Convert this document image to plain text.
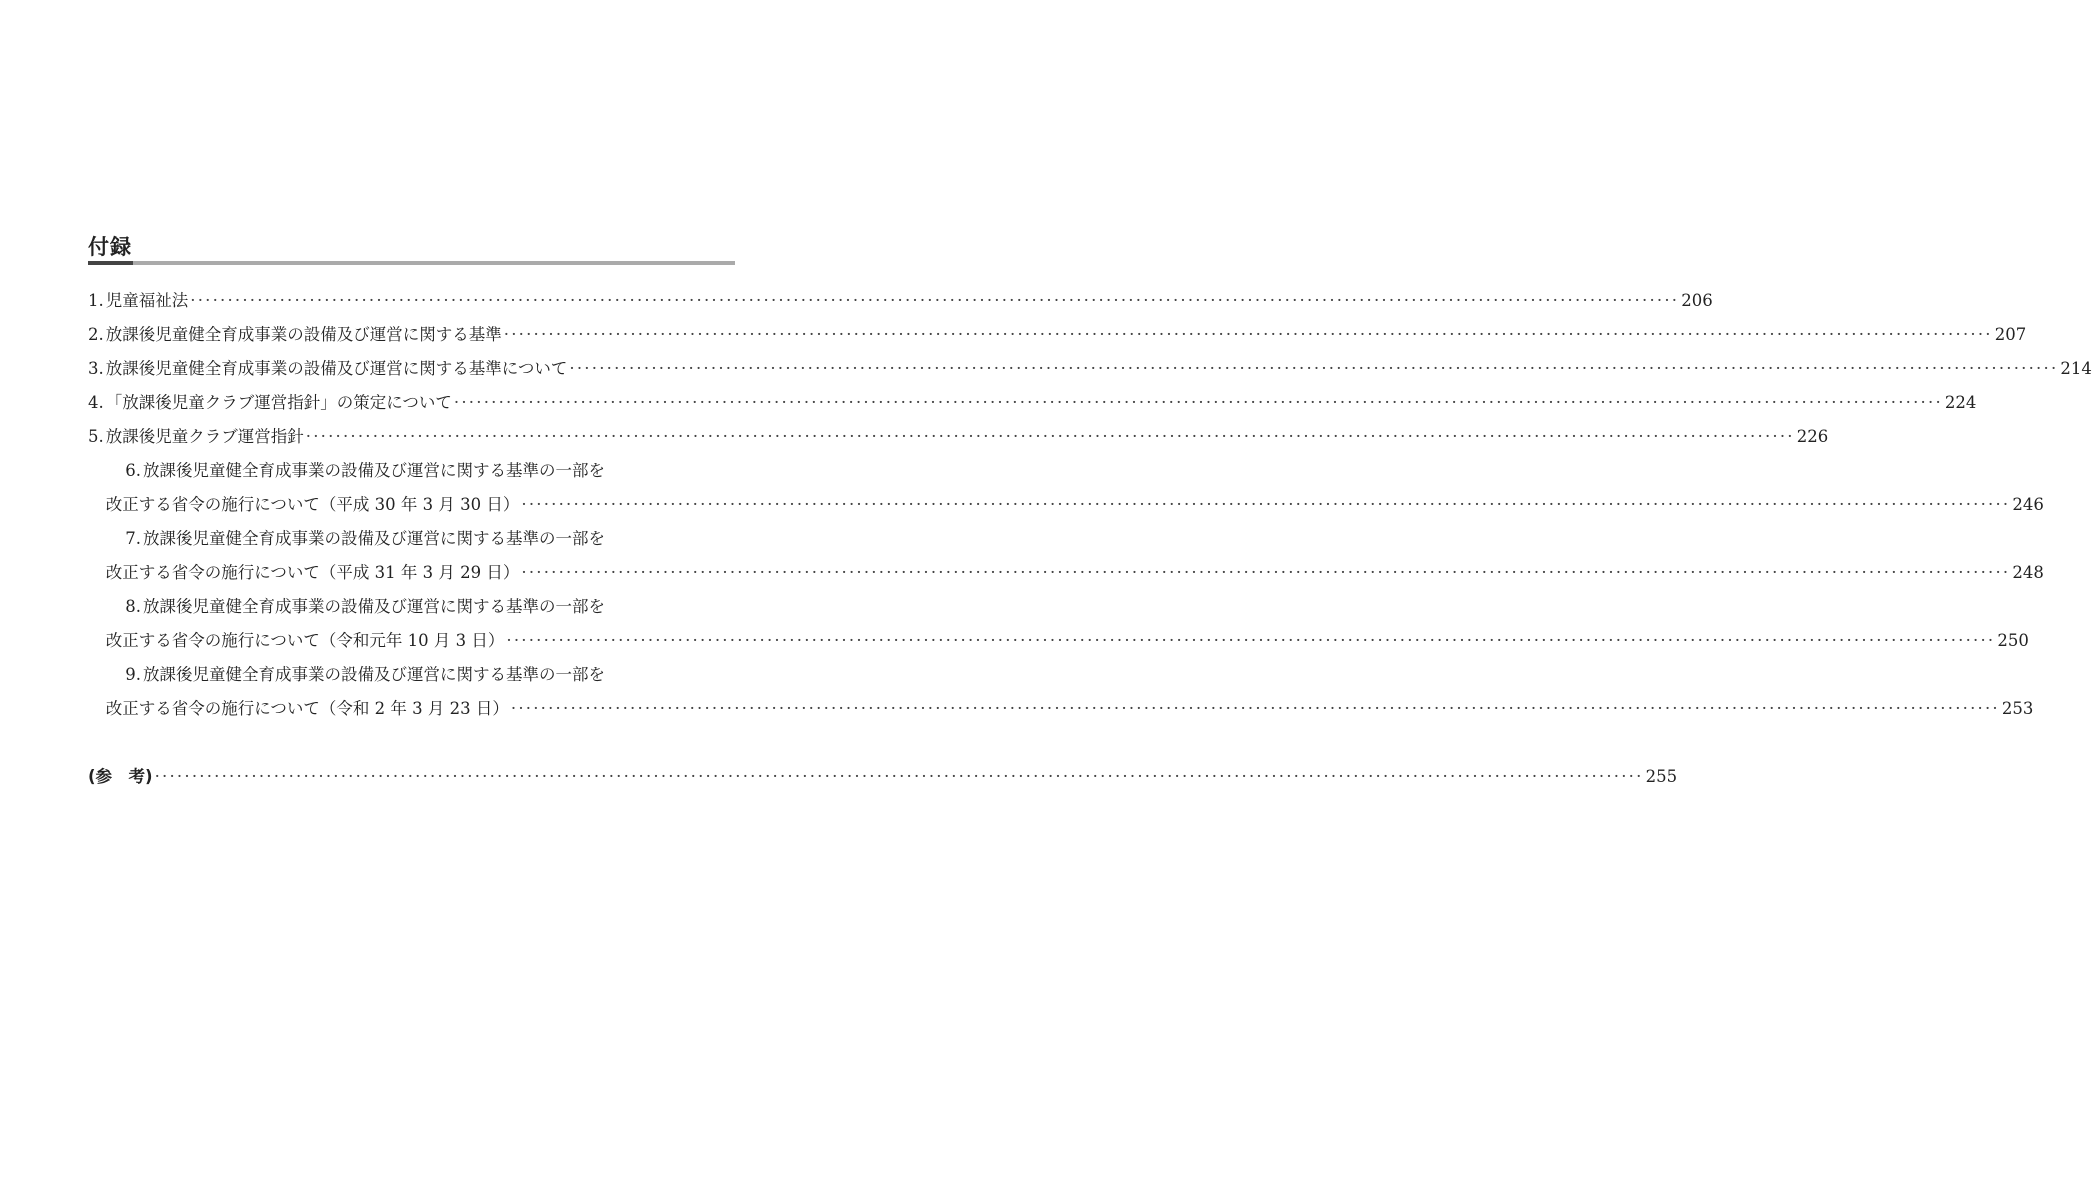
付録
1. 児童福祉法 ········································································································································································································ 206
2. 放課後児童健全育成事業の設備及び運営に関する基準 ········································································································································································································ 207
3. 放課後児童健全育成事業の設備及び運営に関する基準について ········································································································································································································ 214
4. 「放課後児童クラブ運営指針」の策定について ········································································································································································································ 224
5. 放課後児童クラブ運営指針 ········································································································································································································ 226
6. 放課後児童健全育成事業の設備及び運営に関する基準の一部を
改正する省令の施行について（平成 30 年 3 月 30 日） ········································································································································································································ 246
7. 放課後児童健全育成事業の設備及び運営に関する基準の一部を
改正する省令の施行について（平成 31 年 3 月 29 日） ········································································································································································································ 248
8. 放課後児童健全育成事業の設備及び運営に関する基準の一部を
改正する省令の施行について（令和元年 10 月 3 日） ········································································································································································································ 250
9. 放課後児童健全育成事業の設備及び運営に関する基準の一部を
改正する省令の施行について（令和 2 年 3 月 23 日） ········································································································································································································ 253
(参　考) ········································································································································································································ 255
